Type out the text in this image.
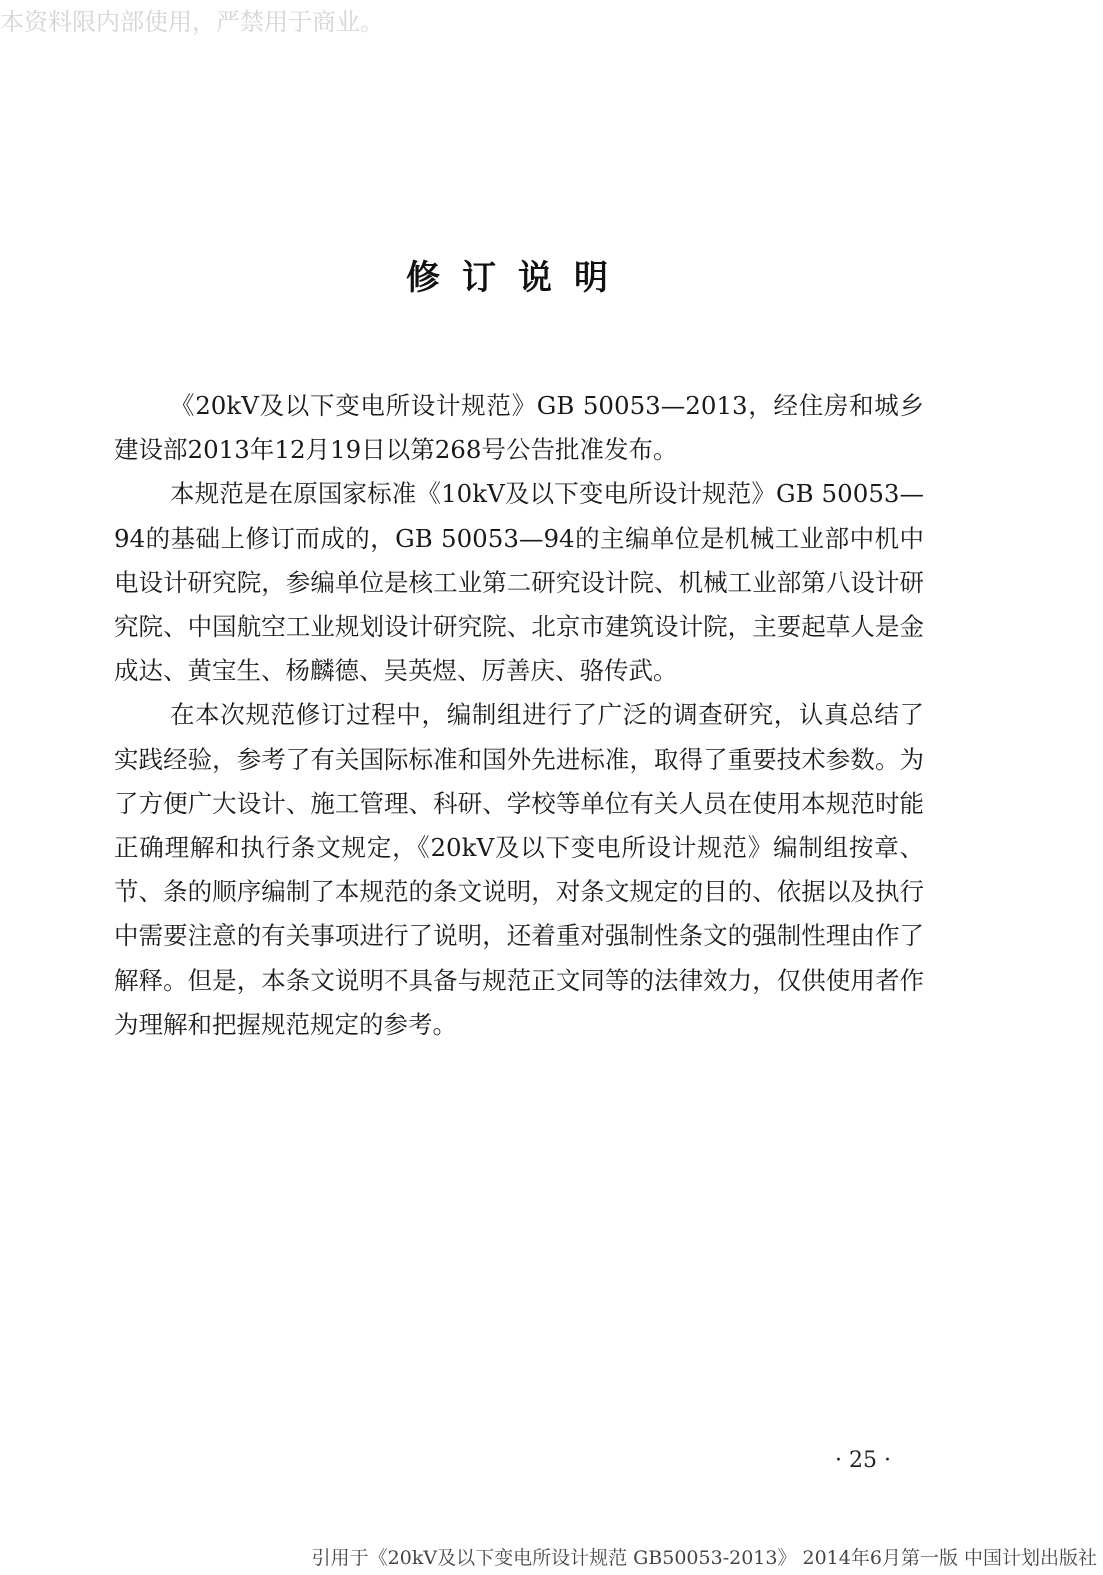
本资料限内部使用，严禁用于商业。
修订说明

《20kV及以下变电所设计规范》GB 50053—2013，经住房和城乡建设部2013年12月19日以第268号公告批准发布。

本规范是在原国家标准《10kV及以下变电所设计规范》GB 50053—94的基础上修订而成的，GB 50053—94的主编单位是机械工业部中机中电设计研究院，参编单位是核工业第二研究设计院、机械工业部第八设计研究院、中国航空工业规划设计研究院、北京市建筑设计院，主要起草人是金成达、黄宝生、杨麟德、吴英煜、厉善庆、骆传武。

在本次规范修订过程中，编制组进行了广泛的调查研究，认真总结了实践经验，参考了有关国际标准和国外先进标准，取得了重要技术参数。为了方便广大设计、施工管理、科研、学校等单位有关人员在使用本规范时能正确理解和执行条文规定，《20kV及以下变电所设计规范》编制组按章、节、条的顺序编制了本规范的条文说明，对条文规定的目的、依据以及执行中需要注意的有关事项进行了说明，还着重对强制性条文的强制性理由作了解释。但是，本条文说明不具备与规范正文同等的法律效力，仅供使用者作为理解和把握规范规定的参考。

· 25 ·
引用于《20kV及以下变电所设计规范 GB50053-2013》 2014年6月第一版 中国计划出版社
